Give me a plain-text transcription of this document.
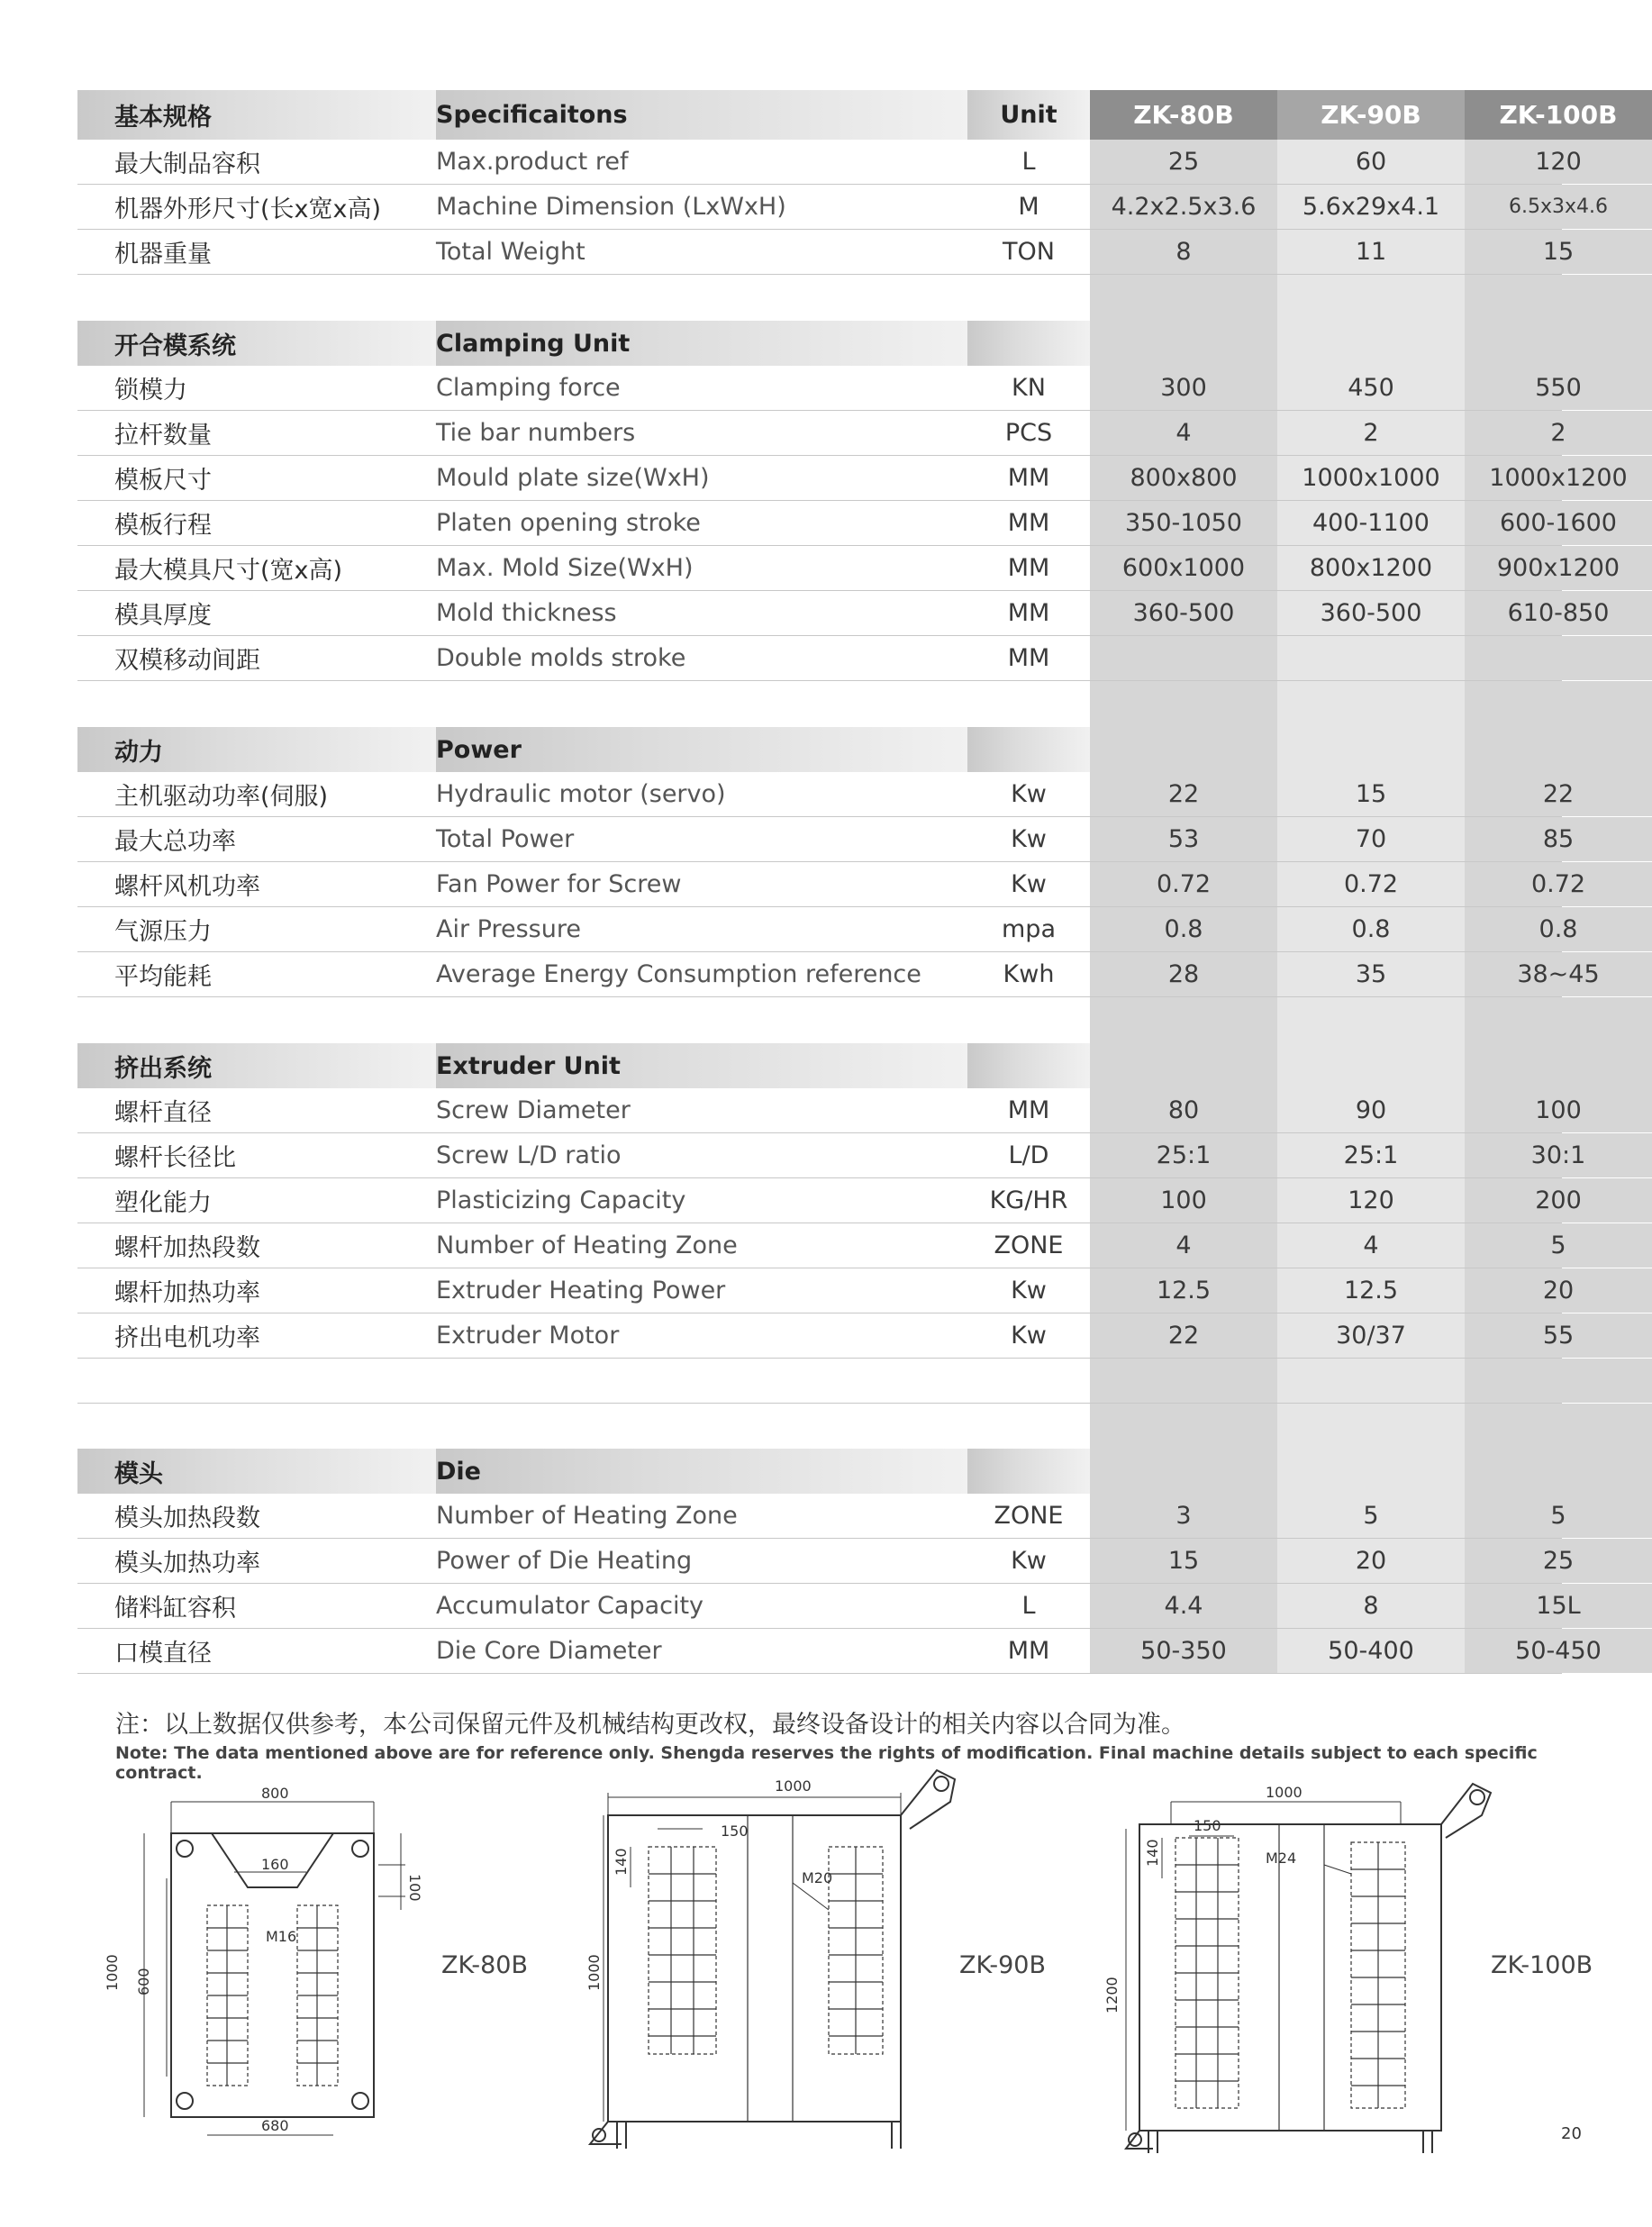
基本规格	Specificaitons	Unit	ZK-80B	ZK-90B	ZK-100B
最大制品容积	Max.product ref	L	25	60	120
机器外形尺寸(长x宽x高)	Machine Dimension (LxWxH)	M	4.2x2.5x3.6	5.6x29x4.1	6.5x3x4.6
机器重量	Total Weight	TON	8	11	15
开合模系统	Clamping Unit
锁模力	Clamping force	KN	300	450	550
拉杆数量	Tie bar numbers	PCS	4	2	2
模板尺寸	Mould plate size(WxH)	MM	800x800	1000x1000	1000x1200
模板行程	Platen opening stroke	MM	350-1050	400-1100	600-1600
最大模具尺寸(宽x高)	Max. Mold Size(WxH)	MM	600x1000	800x1200	900x1200
模具厚度	Mold thickness	MM	360-500	360-500	610-850
双模移动间距	Double molds stroke	MM
动力	Power
主机驱动功率(伺服)	Hydraulic motor (servo)	Kw	22	15	22
最大总功率	Total Power	Kw	53	70	85
螺杆风机功率	Fan Power for Screw	Kw	0.72	0.72	0.72
气源压力	Air Pressure	mpa	0.8	0.8	0.8
平均能耗	Average Energy Consumption reference	Kwh	28	35	38~45
挤出系统	Extruder Unit
螺杆直径	Screw Diameter	MM	80	90	100
螺杆长径比	Screw L/D ratio	L/D	25:1	25:1	30:1
塑化能力	Plasticizing Capacity	KG/HR	100	120	200
螺杆加热段数	Number of Heating Zone	ZONE	4	4	5
螺杆加热功率	Extruder Heating Power	Kw	12.5	12.5	20
挤出电机功率	Extruder Motor	Kw	22	30/37	55
模头	Die
模头加热段数	Number of Heating Zone	ZONE	3	5	5
模头加热功率	Power of Die Heating	Kw	15	20	25
储料缸容积	Accumulator Capacity	L	4.4	8	15L
口模直径	Die Core Diameter	MM	50-350	50-400	50-450
注：以上数据仅供参考，本公司保留元件及机械结构更改权，最终设备设计的相关内容以合同为准。
Note: The data mentioned above are for reference only. Shengda reserves the rights of modification. Final machine details subject to each specific contract.
800
160
100
M16
1000 600
680
ZK-80B
1000
150
140
M20
1000	ZK-90B
1000
150
140	M24
1200
ZK-100B
20
